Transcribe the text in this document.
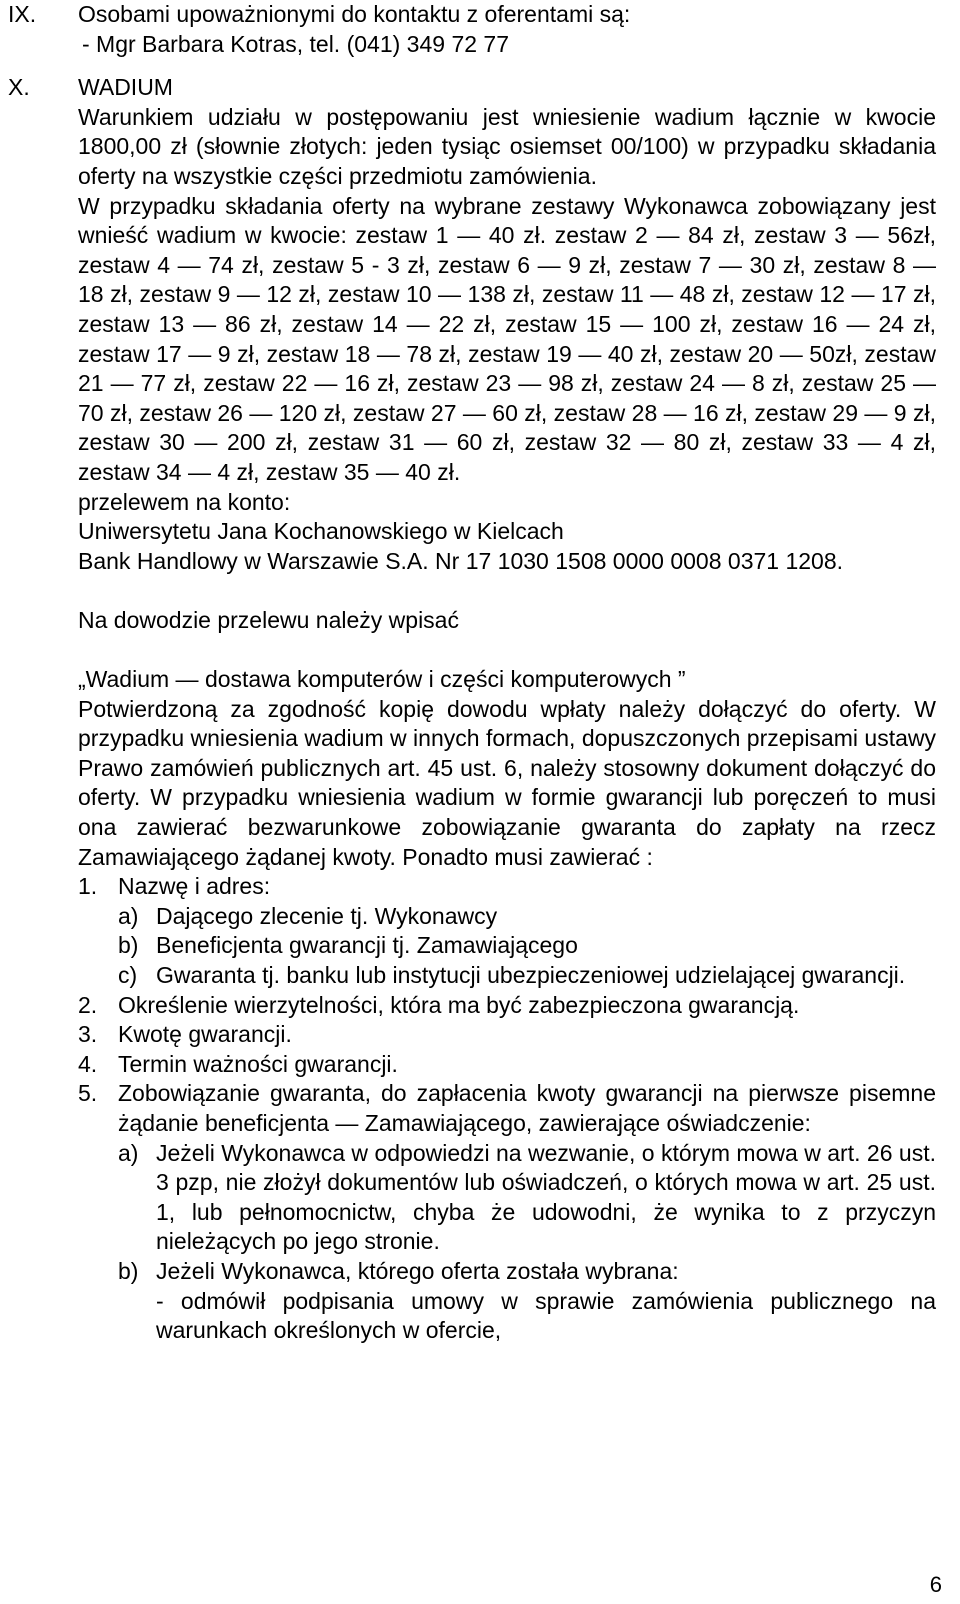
IX.	Osobami upoważnionymi do kontaktu z oferentami są:
- Mgr Barbara Kotras, tel. (041) 349 72 77
X.	WADIUM
Warunkiem udziału w postępowaniu jest wniesienie wadium łącznie w kwocie 1800,00 zł (słownie złotych: jeden tysiąc osiemset 00/100) w przypadku składania oferty na wszystkie części przedmiotu zamówienia.
W przypadku składania oferty na wybrane zestawy Wykonawca zobowiązany jest wnieść wadium w kwocie: zestaw 1 — 40 zł. zestaw 2 — 84 zł, zestaw 3 — 56zł, zestaw 4 — 74 zł, zestaw 5 - 3 zł, zestaw 6 — 9 zł, zestaw 7 — 30 zł, zestaw 8 — 18 zł, zestaw 9 — 12 zł, zestaw 10 — 138 zł, zestaw 11 — 48 zł, zestaw 12 — 17 zł, zestaw 13 — 86 zł, zestaw 14 — 22 zł, zestaw 15 — 100 zł, zestaw 16 — 24 zł, zestaw 17 — 9 zł, zestaw 18 — 78 zł, zestaw 19 — 40 zł, zestaw 20 — 50zł, zestaw 21 — 77 zł, zestaw 22 — 16 zł, zestaw 23 — 98 zł, zestaw 24 — 8 zł, zestaw 25 — 70 zł, zestaw 26 — 120 zł, zestaw 27 — 60 zł, zestaw 28 — 16 zł, zestaw 29 — 9 zł, zestaw 30 — 200 zł, zestaw 31 — 60 zł, zestaw 32 — 80 zł, zestaw 33 — 4 zł, zestaw 34 — 4 zł, zestaw 35 — 40 zł.
przelewem na konto:
Uniwersytetu Jana Kochanowskiego w Kielcach
Bank Handlowy w Warszawie S.A. Nr 17 1030 1508 0000 0008 0371 1208.
Na dowodzie przelewu należy wpisać
„Wadium — dostawa komputerów i części komputerowych ”
Potwierdzoną za zgodność kopię dowodu wpłaty należy dołączyć do oferty. W przypadku wniesienia wadium w innych formach, dopuszczonych przepisami ustawy Prawo zamówień publicznych art. 45 ust. 6, należy stosowny dokument dołączyć do oferty. W przypadku wniesienia wadium w formie gwarancji lub poręczeń to musi ona zawierać bezwarunkowe zobowiązanie gwaranta do zapłaty na rzecz Zamawiającego żądanej kwoty. Ponadto musi zawierać :
1. Nazwę i adres:
a) Dającego zlecenie tj. Wykonawcy
b) Beneficjenta gwarancji tj. Zamawiającego
c) Gwaranta tj. banku lub instytucji ubezpieczeniowej udzielającej gwarancji.
2. Określenie wierzytelności, która ma być zabezpieczona gwarancją.
3. Kwotę gwarancji.
4. Termin ważności gwarancji.
5. Zobowiązanie gwaranta, do zapłacenia kwoty gwarancji na pierwsze pisemne żądanie beneficjenta — Zamawiającego, zawierające oświadczenie:
a) Jeżeli Wykonawca w odpowiedzi na wezwanie, o którym mowa w art. 26 ust. 3 pzp, nie złożył dokumentów lub oświadczeń, o których mowa w art. 25 ust. 1, lub pełnomocnictw, chyba że udowodni, że wynika to z przyczyn nieleżących po jego stronie.
b) Jeżeli Wykonawca, którego oferta została wybrana:
- odmówił podpisania umowy w sprawie zamówienia publicznego na warunkach określonych w ofercie,
6
